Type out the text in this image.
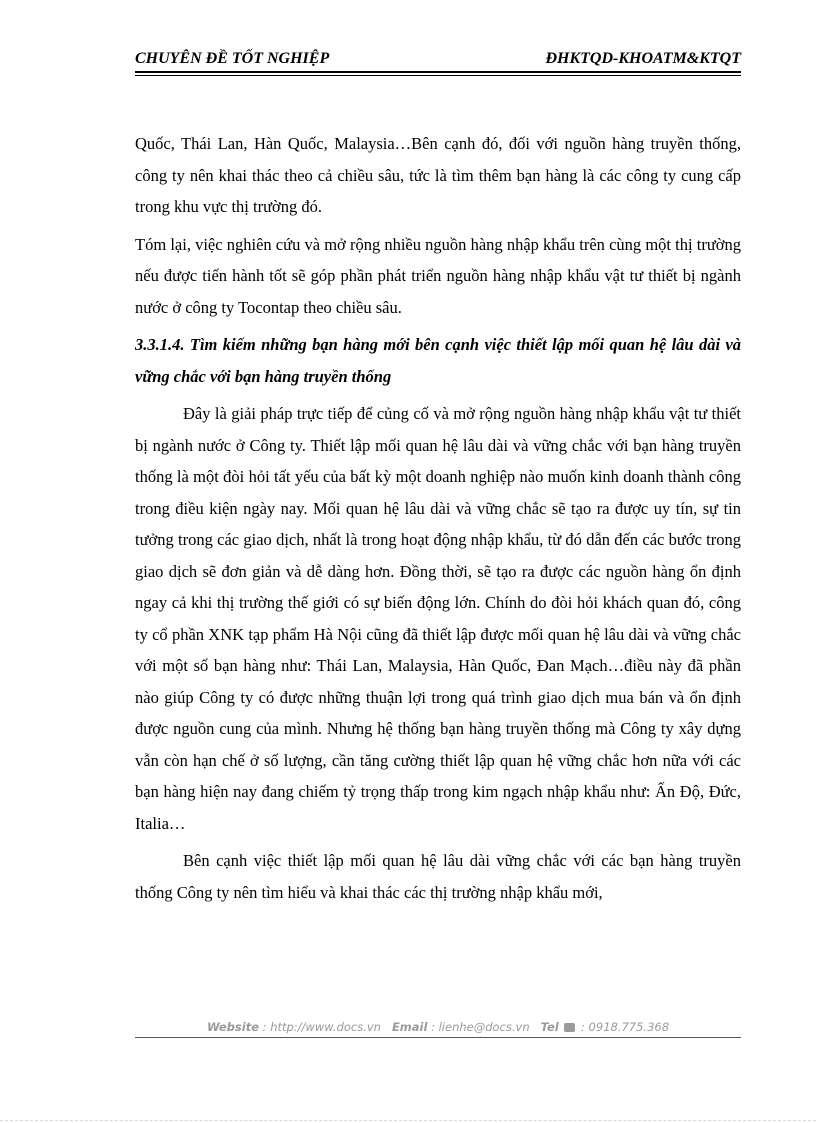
CHUYÊN ĐỀ TỐT NGHIỆP	ĐHKTQD-KHOATM&KTQT

Quốc, Thái Lan, Hàn Quốc, Malaysia…Bên cạnh đó, đối với nguồn hàng truyền thống, công ty nên khai thác theo cả chiều sâu, tức là tìm thêm bạn hàng là các công ty cung cấp trong khu vực thị trường đó.

Tóm lại, việc nghiên cứu và mở rộng nhiều nguồn hàng nhập khẩu trên cùng một thị trường nếu được tiến hành tốt sẽ góp phần phát triển nguồn hàng nhập khẩu vật tư thiết bị ngành nước ở công ty Tocontap theo chiều sâu.

3.3.1.4. Tìm kiếm những bạn hàng mới bên cạnh việc thiết lập mối quan hệ lâu dài và vững chắc với bạn hàng truyền thống

Đây là giải pháp trực tiếp để củng cố và mở rộng nguồn hàng nhập khẩu vật tư thiết bị ngành nước ở Công ty. Thiết lập mối quan hệ lâu dài và vững chắc với bạn hàng truyền thống là một đòi hỏi tất yếu của bất kỳ một doanh nghiệp nào muốn kinh doanh thành công trong điều kiện ngày nay. Mối quan hệ lâu dài và vững chắc sẽ tạo ra được uy tín, sự tin tưởng trong các giao dịch, nhất là trong hoạt động nhập khẩu, từ đó dẫn đến các bước trong giao dịch sẽ đơn giản và dễ dàng hơn. Đồng thời, sẽ tạo ra được các nguồn hàng ổn định ngay cả khi thị trường thế giới có sự biến động lớn. Chính do đòi hỏi khách quan đó, công ty cổ phần XNK tạp phẩm Hà Nội cũng đã thiết lập được mối quan hệ lâu dài và vững chắc với một số bạn hàng như: Thái Lan, Malaysia, Hàn Quốc, Đan Mạch…điều này đã phần nào giúp Công ty có được những thuận lợi trong quá trình giao dịch mua bán và ổn định được nguồn cung của mình. Nhưng hệ thống bạn hàng truyền thống mà Công ty xây dựng vẫn còn hạn chế ở số lượng, cần tăng cường thiết lập quan hệ vững chắc hơn nữa với các bạn hàng hiện nay đang chiếm tỷ trọng thấp trong kim ngạch nhập khẩu như: Ấn Độ, Đức, Italia…

Bên cạnh việc thiết lập mối quan hệ lâu dài vững chắc với các bạn hàng truyền thống Công ty nên tìm hiểu và khai thác các thị trường nhập khẩu mới,

Website : http://www.docs.vn Email : lienhe@docs.vn Tel : 0918.775.368
